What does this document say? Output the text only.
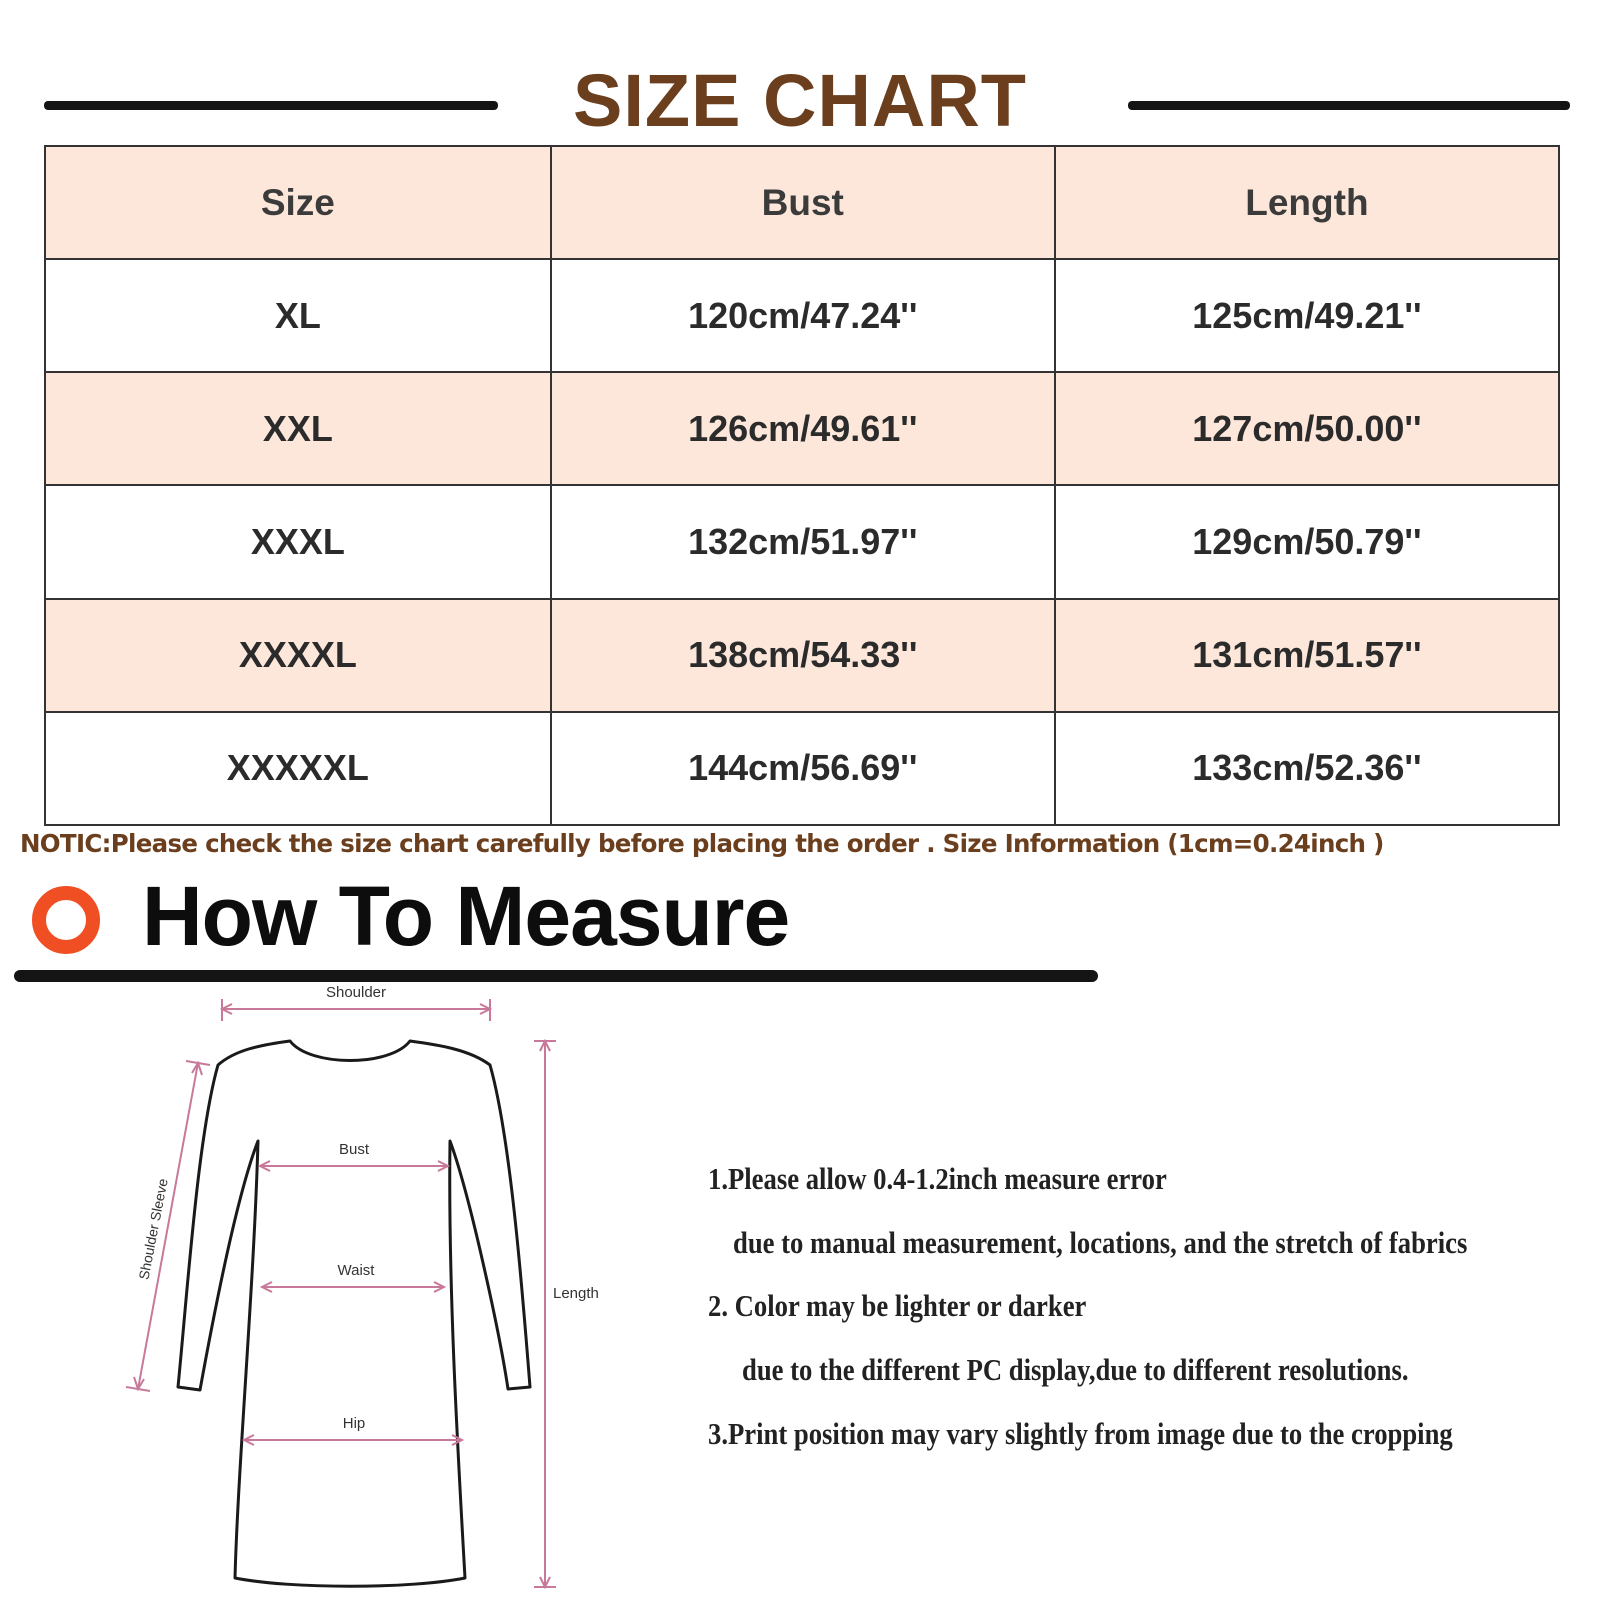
SIZE CHART
Size	Bust	Length
XL	120cm/47.24''	125cm/49.21''
XXL	126cm/49.61''	127cm/50.00''
XXXL	132cm/51.97''	129cm/50.79''
XXXXL	138cm/54.33''	131cm/51.57''
XXXXXL	144cm/56.69''	133cm/52.36''
NOTIC:Please check the size chart carefully before placing the order . Size Information (1cm=0.24inch )
How To Measure
Shoulder
Bust
Waist
Hip
Length
Shoulder Sleeve	1.Please allow 0.4-1.2inch measure error
due to manual measurement, locations, and the stretch of fabrics
2. Color may be lighter or darker
due to the different PC display,due to different resolutions.
3.Print position may vary slightly from image due to the cropping
